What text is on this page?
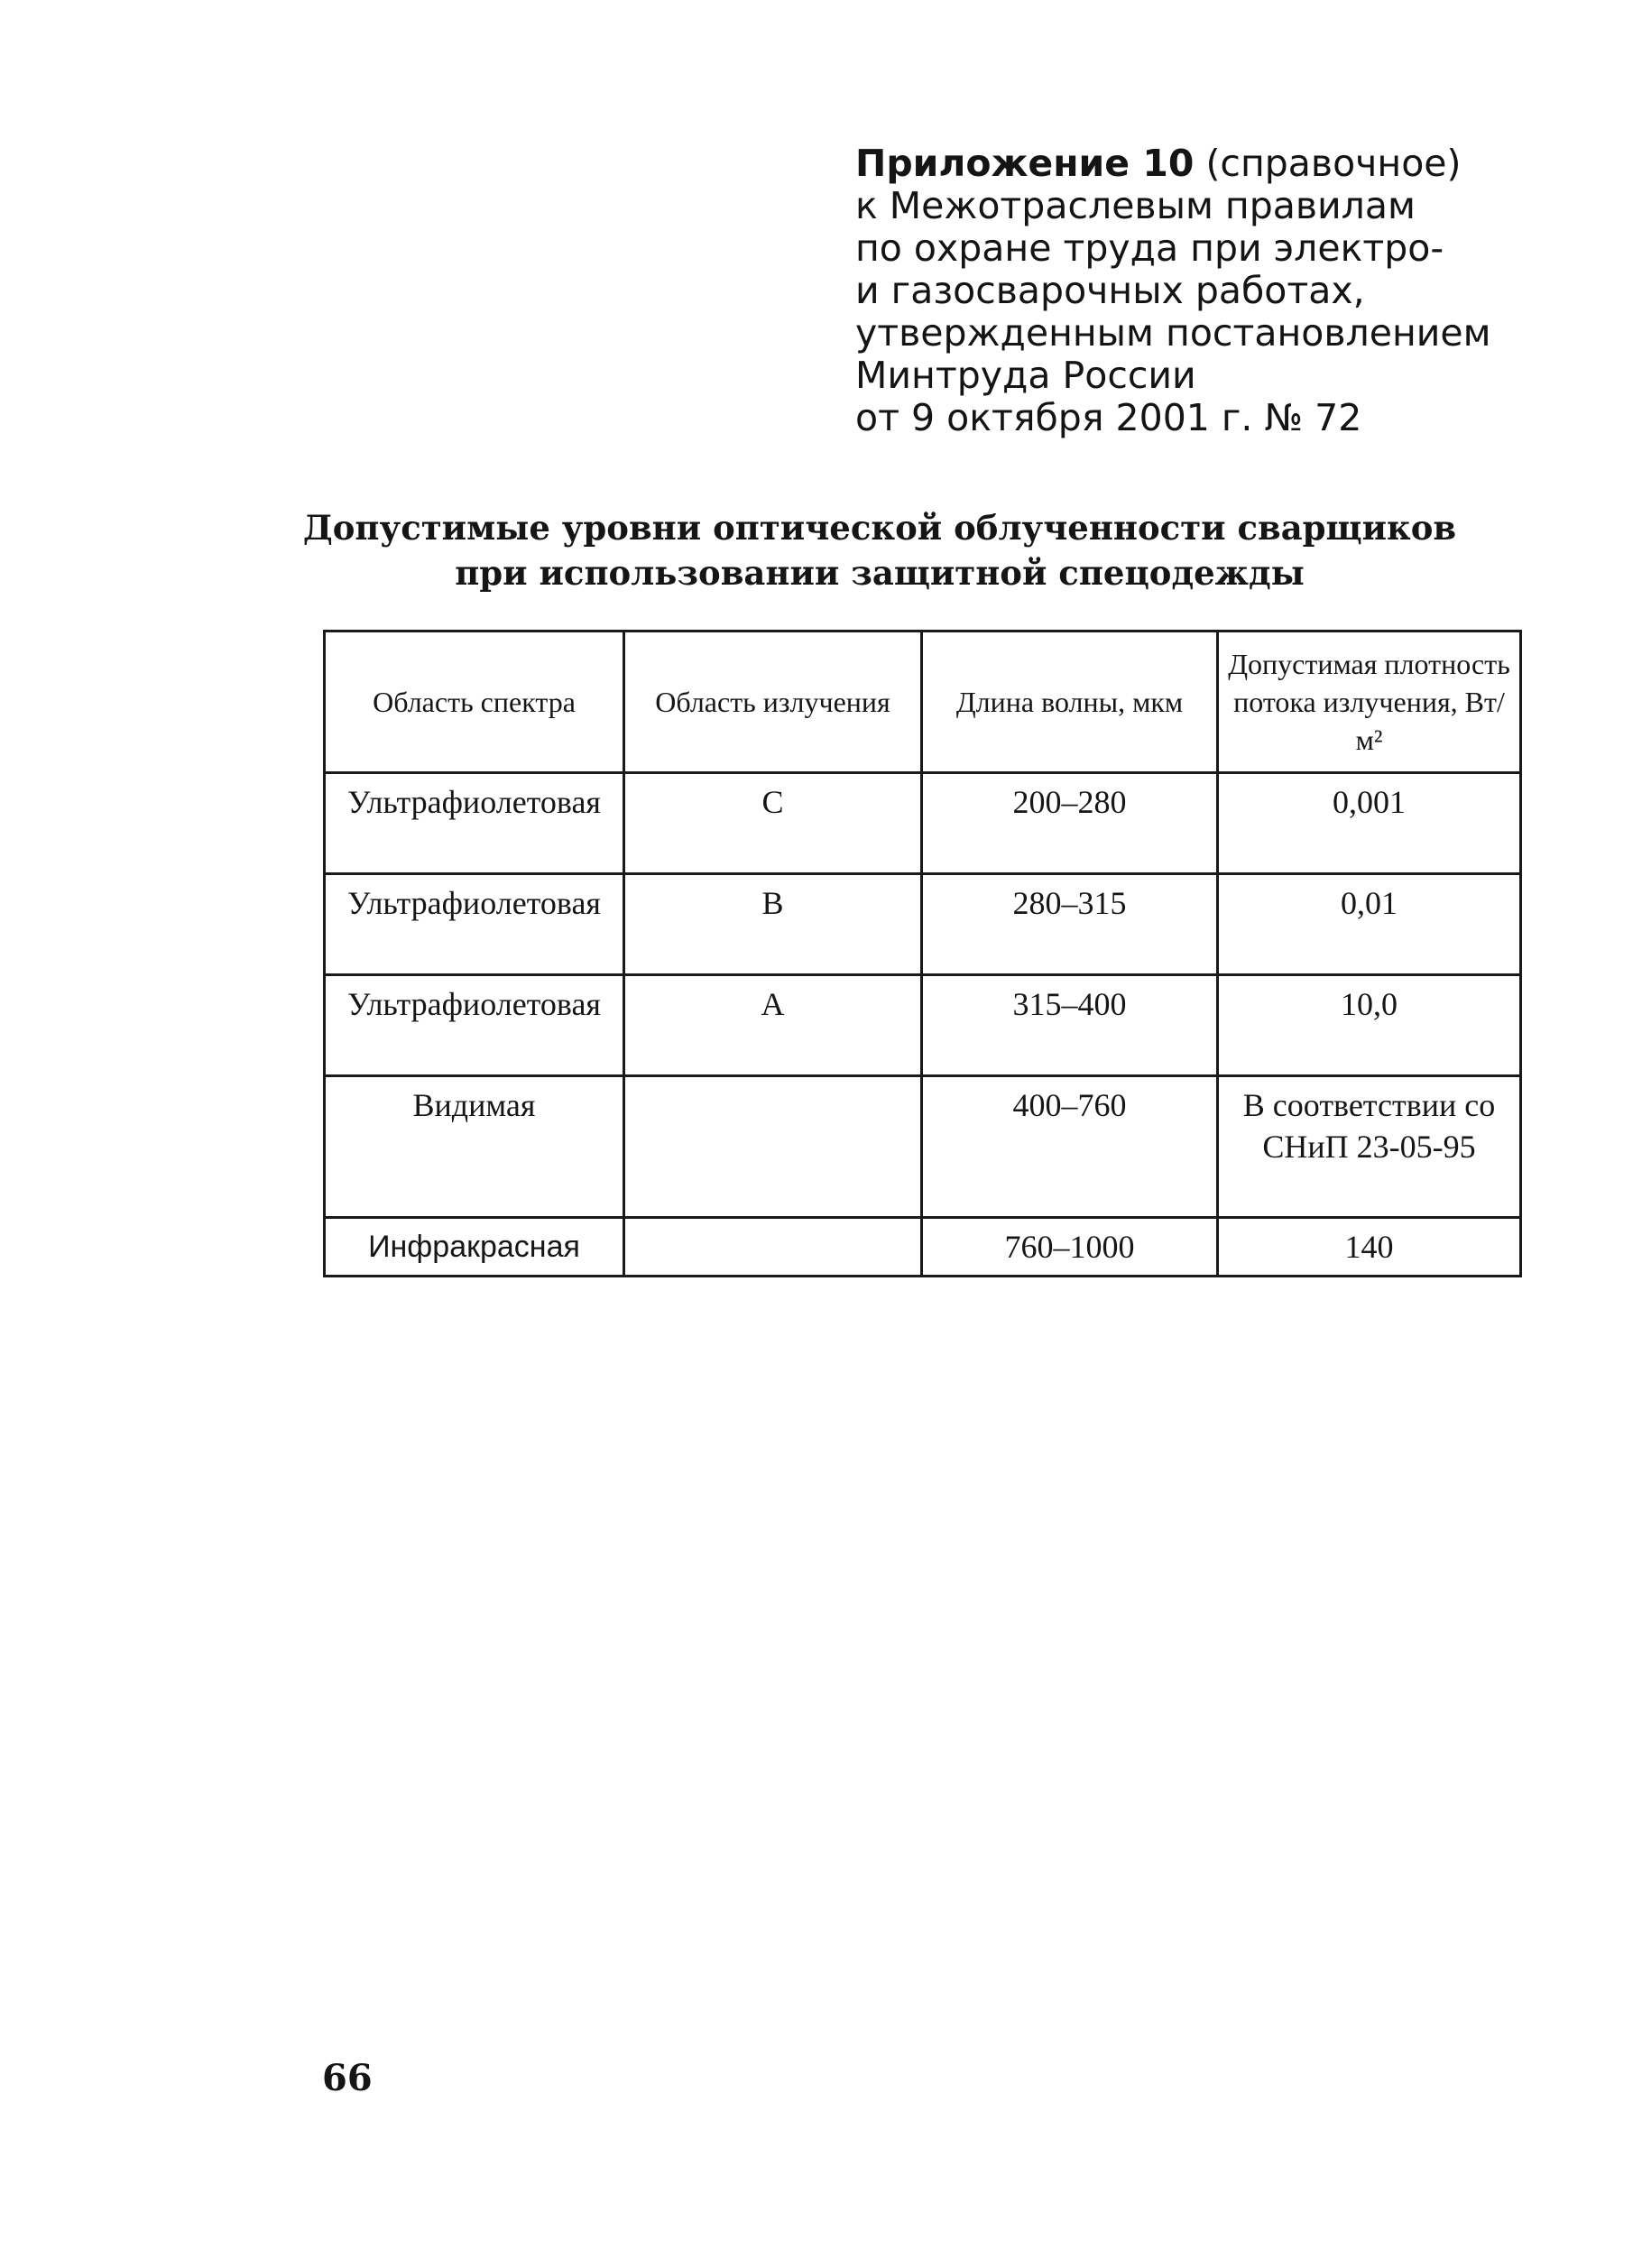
Приложение 10 (справочное)
к Межотраслевым правилам
по охране труда при электро-
и газосварочных работах,
утвержденным постановлением
Минтруда России
от 9 октября 2001 г. № 72
Допустимые уровни оптической облученности сварщиков
при использовании защитной спецодежды
Область спектра	Область излучения	Длина волны, мкм	Допустимая плотность потока излучения, Вт/м²
Ультрафиолетовая	C	200–280	0,001
Ультрафиолетовая	B	280–315	0,01
Ультрафиолетовая	A	315–400	10,0
Видимая		400–760	В соответствии со СНиП 23-05-95
Инфракрасная		760–1000	140
66
